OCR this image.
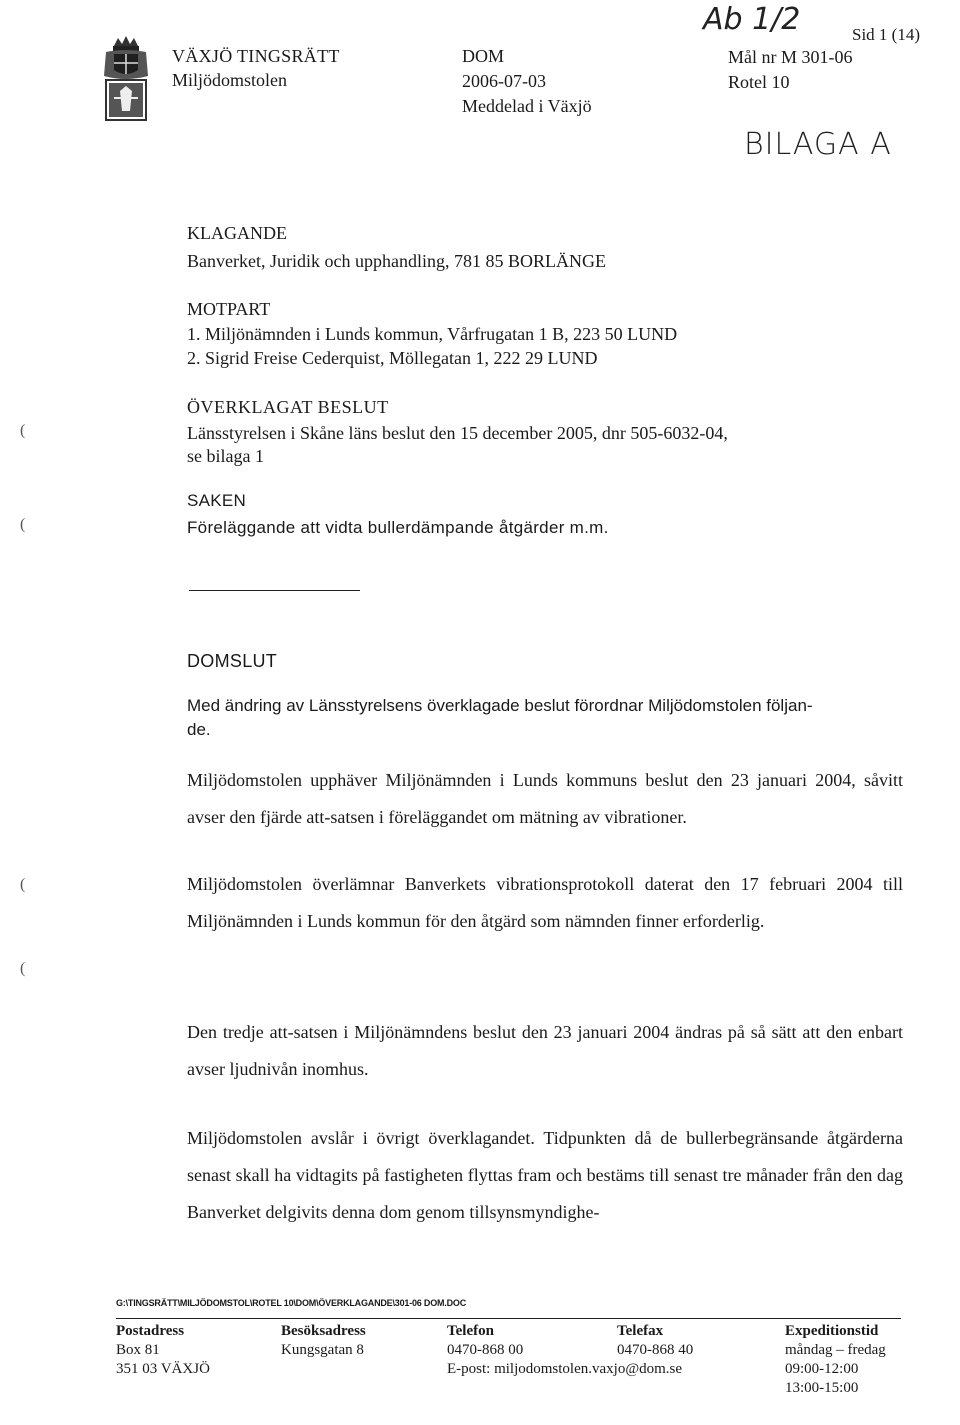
VÄXJÖ TINGSRÄTT
Miljödomstolen
DOM
2006-07-03
Meddelad i Växjö
Ab 1/2	Sid 1 (14)
Mål nr M 301-06
Rotel 10
BILAGA A
KLAGANDE
Banverket, Juridik och upphandling, 781 85 BORLÄNGE
MOTPART
1. Miljönämnden i Lunds kommun, Vårfrugatan 1 B, 223 50 LUND
2. Sigrid Freise Cederquist, Möllegatan 1, 222 29 LUND
(
ÖVERKLAGAT BESLUT
Länsstyrelsen i Skåne läns beslut den 15 december 2005, dnr 505-6032-04,
se bilaga 1
(
SAKEN
Föreläggande att vidta bullerdämpande åtgärder m.m.
DOMSLUT
Med ändring av Länsstyrelsens överklagade beslut förordnar Miljödomstolen följan-
de.
Miljödomstolen upphäver Miljönämnden i Lunds kommuns beslut den 23 januari 2004, såvitt avser den fjärde att-satsen i föreläggandet om mätning av vibrationer.
(
(
Miljödomstolen överlämnar Banverkets vibrationsprotokoll daterat den 17 februari 2004 till Miljönämnden i Lunds kommun för den åtgärd som nämnden finner erforderlig.
Den tredje att-satsen i Miljönämndens beslut den 23 januari 2004 ändras på så sätt att den enbart avser ljudnivån inomhus.
Miljödomstolen avslår i övrigt överklagandet. Tidpunkten då de bullerbegränsande åtgärderna senast skall ha vidtagits på fastigheten flyttas fram och bestäms till senast tre månader från den dag Banverket delgivits denna dom genom tillsynsmyndighe-
G:\TINGSRÄTT\MILJÖDOMSTOL\ROTEL 10\DOM\ÖVERKLAGANDE\301-06 DOM.DOC
Postadress
Box 81
351 03 VÄXJÖ
Besöksadress
Kungsgatan 8
Telefon
0470-868 00
E-post: miljodomstolen.vaxjo@dom.se
Telefax
0470-868 40
Expeditionstid
måndag – fredag
09:00-12:00
13:00-15:00
